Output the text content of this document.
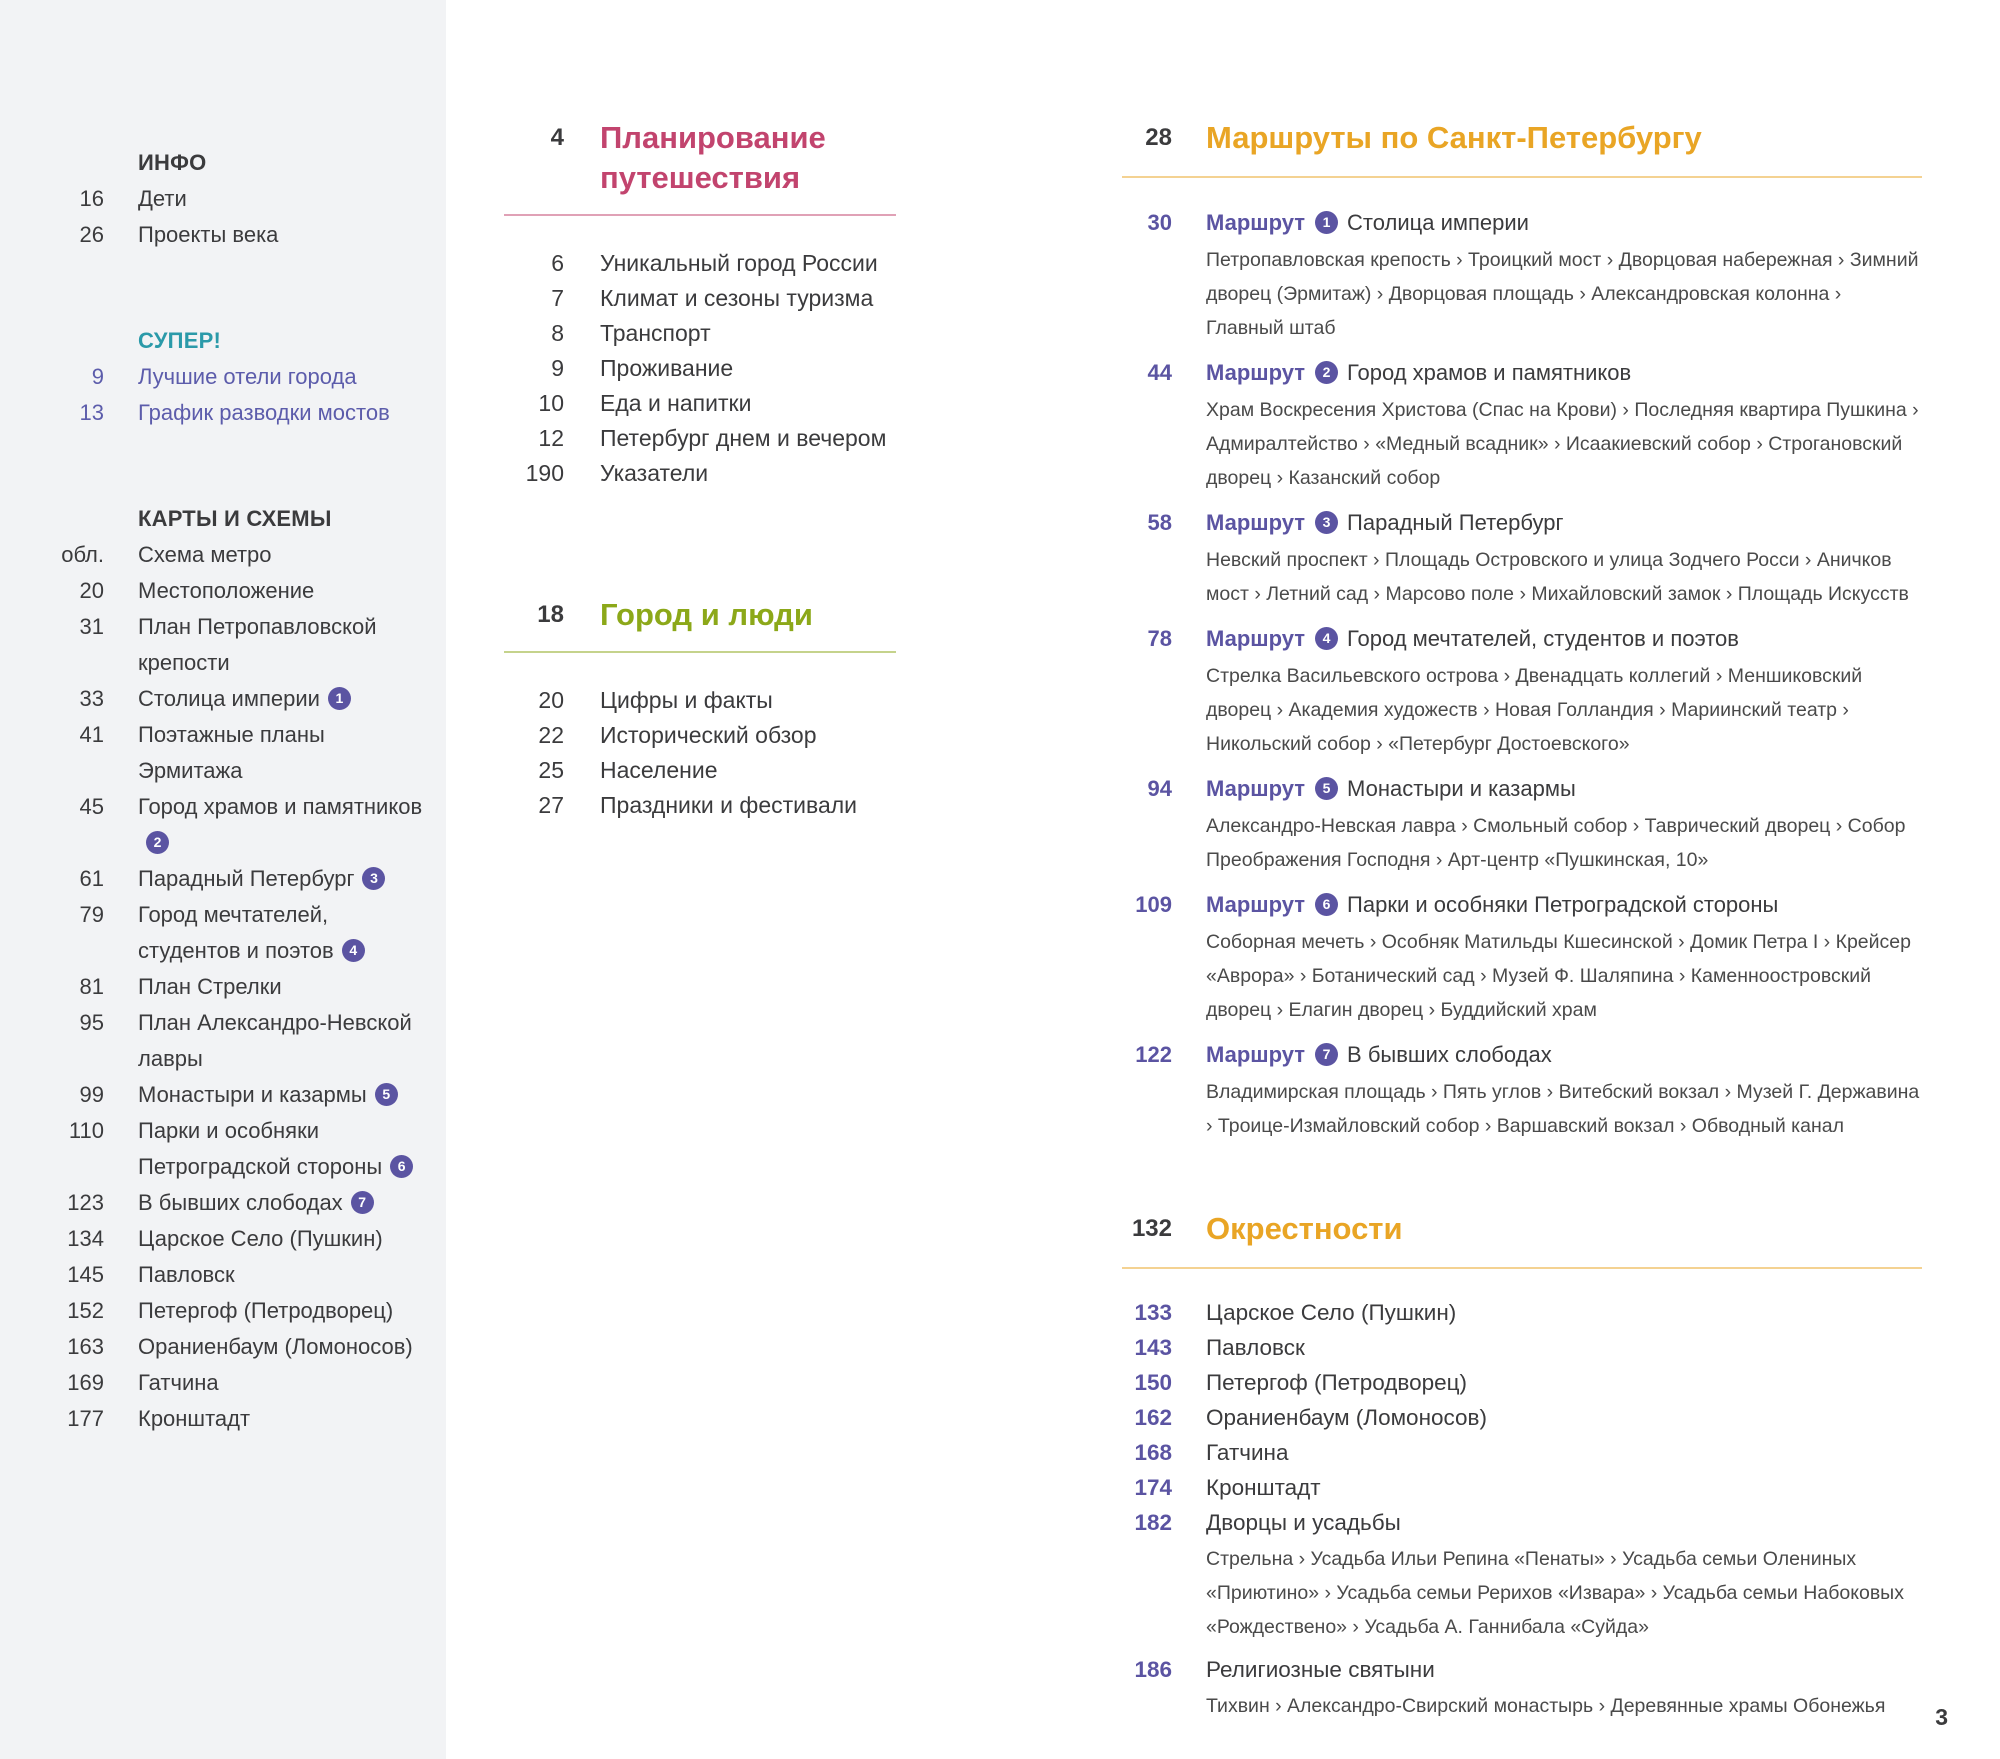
ИНФО
16 Дети
26 Проекты века
СУПЕР!
9 Лучшие отели города
13 График разводки мостов
КАРТЫ И СХЕМЫ
обл. Схема метро
20 Местоположение
31 План Петропавловской крепости
33 Столица империи 1
41 Поэтажные планы Эрмитажа
45 Город храмов и памятников2
61 Парадный Петербург 3
79 Город мечтателей, студентов и поэтов 4
81 План Стрелки
95 План Александро-Невской лавры
99 Монастыри и казармы 5
110 Парки и особняки Петроградской стороны 6
123 В бывших слободах 7
134 Царское Село (Пушкин)
145 Павловск
152 Петергоф (Петродворец)
163 Ораниенбаум (Ломоносов)
169 Гатчина
177 Кронштадт
4 Планирование путешествия
6 Уникальный город России
7 Климат и сезоны туризма
8 Транспорт
9 Проживание
10 Еда и напитки
12 Петербург днем и вечером
190 Указатели
18 Город и люди
20 Цифры и факты
22 Исторический обзор
25 Население
27 Праздники и фестивали
28 Маршруты по Санкт-Петербургу
30 Маршрут 1 Столица империи
Петропавловская крепость › Троицкий мост › Дворцовая набережная › Зимний дворец (Эрмитаж) › Дворцовая площадь › Александровская колонна › Главный штаб
44 Маршрут 2 Город храмов и памятников
Храм Воскресения Христова (Спас на Крови) › Последняя квартира Пушкина › Адмиралтейство › «Медный всадник» › Исаакиевский собор › Строгановский дворец › Казанский собор
58 Маршрут 3 Парадный Петербург
Невский проспект › Площадь Островского и улица Зодчего Росси › Аничков мост › Летний сад › Марсово поле › Михайловский замок › Площадь Искусств
78 Маршрут 4 Город мечтателей, студентов и поэтов
Стрелка Васильевского острова › Двенадцать коллегий › Меншиковский дворец › Академия художеств › Новая Голландия › Мариинский театр › Никольский собор › «Петербург Достоевского»
94 Маршрут 5 Монастыри и казармы
Александро-Невская лавра › Смольный собор › Таврический дворец › Собор Преображения Господня › Арт-центр «Пушкинская, 10»
109 Маршрут 6 Парки и особняки Петроградской стороны
Соборная мечеть › Особняк Матильды Кшесинской › Домик Петра I › Крейсер «Аврора» › Ботанический сад › Музей Ф. Шаляпина › Каменноостровский дворец › Елагин дворец › Буддийский храм
122 Маршрут 7 В бывших слободах
Владимирская площадь › Пять углов › Витебский вокзал › Музей Г. Державина › Троице-Измайловский собор › Варшавский вокзал › Обводный канал
132 Окрестности
133 Царское Село (Пушкин)
143 Павловск
150 Петергоф (Петродворец)
162 Ораниенбаум (Ломоносов)
168 Гатчина
174 Кронштадт
182 Дворцы и усадьбы
Стрельна › Усадьба Ильи Репина «Пенаты» › Усадьба семьи Олениных «Приютино» › Усадьба семьи Рерихов «Извара» › Усадьба семьи Набоковых «Рождествено» › Усадьба А. Ганнибала «Суйда»
186 Религиозные святыни
Тихвин › Александро-Свирский монастырь › Деревянные храмы Обонежья	3
